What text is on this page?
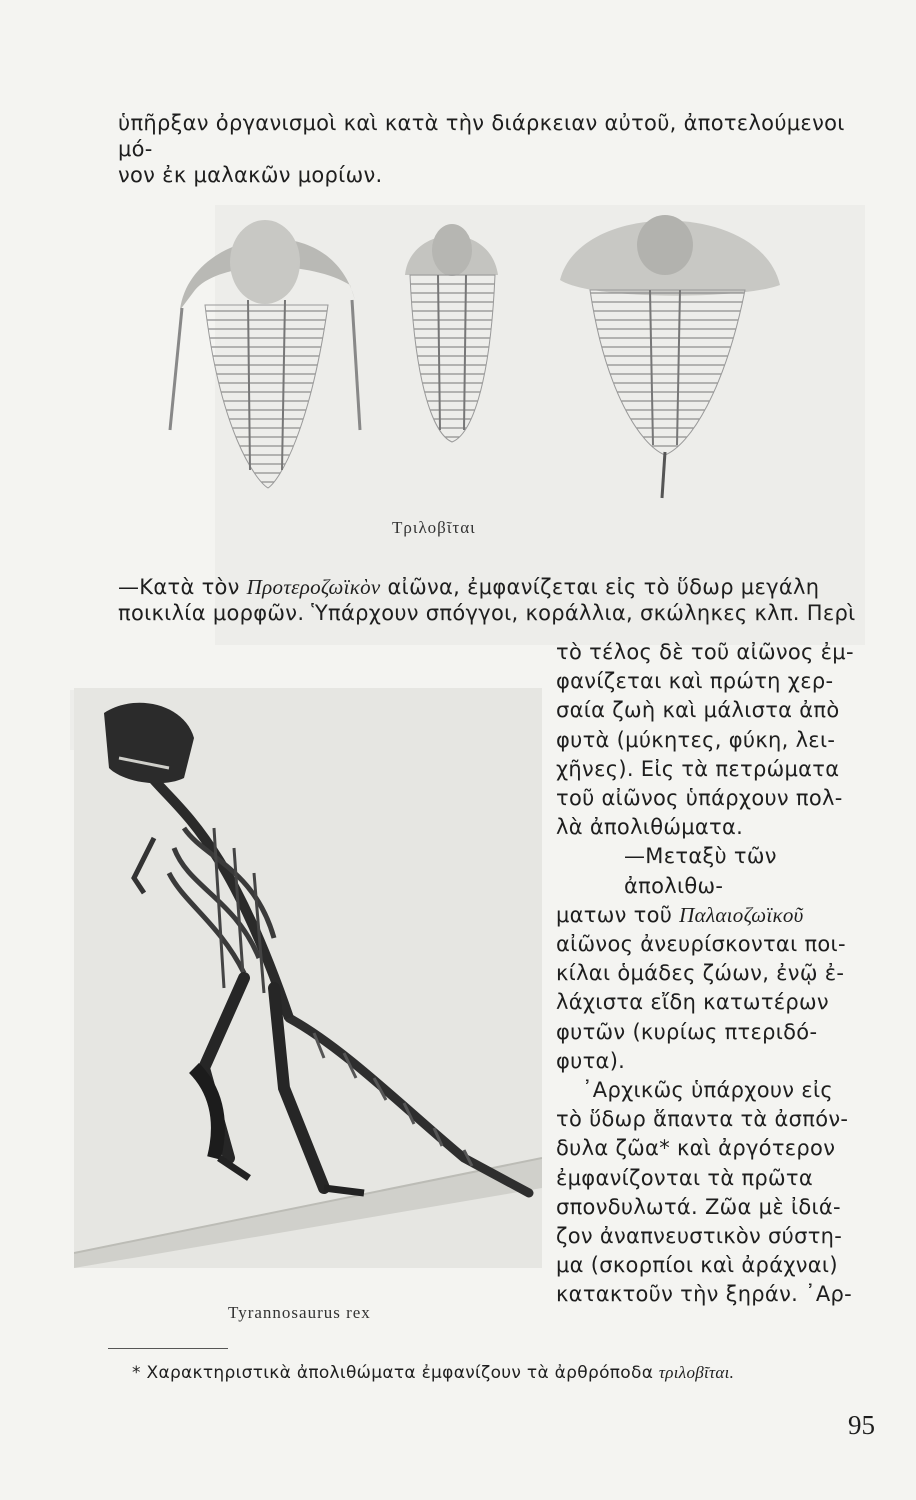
ὑπῆρξαν ὀργανισμοὶ καὶ κατὰ τὴν διάρκειαν αὐτοῦ, ἀποτελούμενοι μό-
νον ἐκ μαλακῶν μορίων.
Τριλοβῖται
—Κατὰ τὸν Προτεροζωϊκὸν αἰῶνα, ἐμφανίζεται εἰς τὸ ὕδωρ μεγάλη
ποικιλία μορφῶν. Ὑπάρχουν σπόγγοι, κοράλλια, σκώληκες κλπ. Περὶ
τὸ τέλος δὲ τοῦ αἰῶνος ἐμ-
φανίζεται καὶ πρώτη χερ-
σαία ζωὴ καὶ μάλιστα ἀπὸ
φυτὰ (μύκητες, φύκη, λει-
χῆνες). Εἰς τὰ πετρώματα
τοῦ αἰῶνος ὑπάρχουν πολ-
λὰ ἀπολιθώματα.
—Μεταξὺ τῶν ἀπολιθω-
ματων τοῦ Παλαιοζωϊκοῦ
αἰῶνος ἀνευρίσκονται ποι-
κίλαι ὁμάδες ζώων, ἐνῷ ἐ-
λάχιστα εἴδη κατωτέρων
φυτῶν (κυρίως πτεριδό-
φυτα).
᾿Αρχικῶς ὑπάρχουν εἰς
τὸ ὕδωρ ἅπαντα τὰ ἀσπόν-
δυλα ζῶα* καὶ ἀργότερον
ἐμφανίζονται τὰ πρῶτα
σπονδυλωτά. Ζῶα μὲ ἰδιά-
ζον ἀναπνευστικὸν σύστη-
μα (σκορπίοι καὶ ἀράχναι)
κατακτοῦν τὴν ξηράν. ᾿Αρ-
Tyrannosaurus rex
* Χαρακτηριστικὰ ἀπολιθώματα ἐμφανίζουν τὰ ἀρθρόποδα τριλοβῖται.
95
